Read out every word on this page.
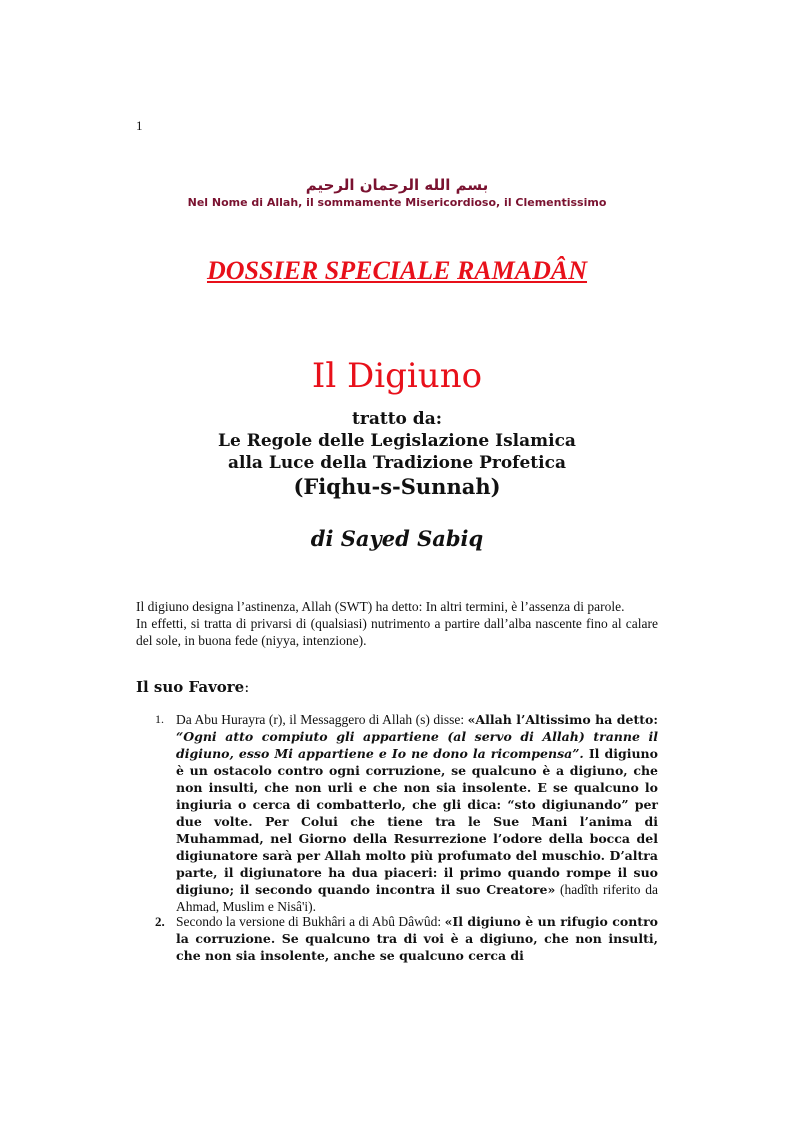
1
بسم الله الرحمان الرحيم
Nel Nome di Allah, il sommamente Misericordioso, il Clementissimo
DOSSIER SPECIALE RAMADÂN
Il Digiuno
tratto da:
Le Regole delle Legislazione Islamica
alla Luce della Tradizione Profetica
(Fiqhu-s-Sunnah)
di Sayed Sabiq

Il digiuno designa l’astinenza, Allah (SWT) ha detto: In altri termini, è l’assenza di parole.

In effetti, si tratta di privarsi di (qualsiasi) nutrimento a partire dall’alba nascente fino al calare del sole, in buona fede (niyya, intenzione).

Il suo Favore:
1. Da Abu Hurayra (r), il Messaggero di Allah (s) disse: «Allah l’Altissimo ha detto: “Ogni atto compiuto gli appartiene (al servo di Allah) tranne il digiuno, esso Mi appartiene e Io ne dono la ricompensa”. Il digiuno è un ostacolo contro ogni corruzione, se qualcuno è a digiuno, che non insulti, che non urli e che non sia insolente. E se qualcuno lo ingiuria o cerca di combatterlo, che gli dica: “sto digiunando” per due volte. Per Colui che tiene tra le Sue Mani l’anima di Muhammad, nel Giorno della Resurrezione l’odore della bocca del digiunatore sarà per Allah molto più profumato del muschio. D’altra parte, il digiunatore ha dua piaceri: il primo quando rompe il suo digiuno; il secondo quando incontra il suo Creatore» (hadîth riferito da Ahmad, Muslim e Nisâ'i).
2. Secondo la versione di Bukhâri a di Abû Dâwûd: «Il digiuno è un rifugio contro la corruzione. Se qualcuno tra di voi è a digiuno, che non insulti, che non sia insolente, anche se qualcuno cerca di
